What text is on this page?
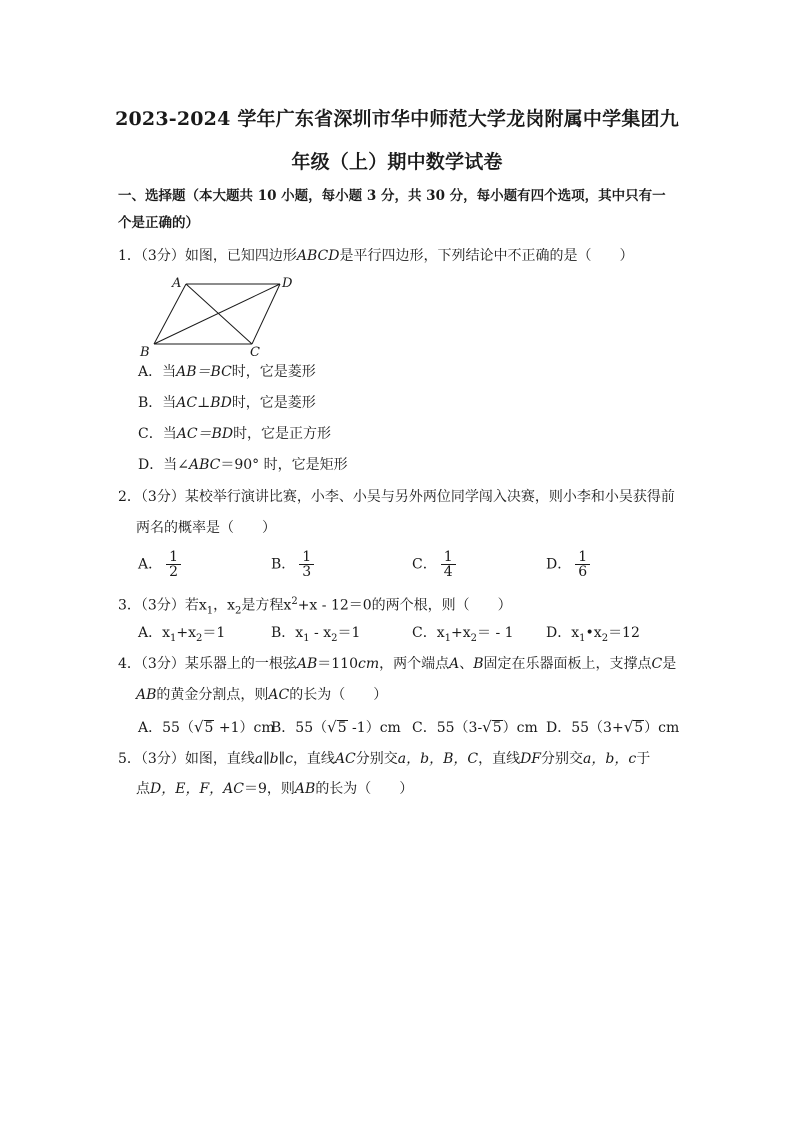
2023-2024 学年广东省深圳市华中师范大学龙岗附属中学集团九
年级（上）期中数学试卷
一、选择题（本大题共 10 小题，每小题 3 分，共 30 分，每小题有四个选项，其中只有一
个是正确的）
1．（3分）如图，已知四边形ABCD是平行四边形，下列结论中不正确的是（　　）
A	D
B	C
A．当AB＝BC时，它是菱形
B．当AC⊥BD时，它是菱形
C．当AC＝BD时，它是正方形
D．当∠ABC＝90° 时，它是矩形
2．（3分）某校举行演讲比赛，小李、小吴与另外两位同学闯入决赛，则小李和小吴获得前
两名的概率是（　　）
A． $\frac{1}{2}$	B． $\frac{1}{3}$	C． $\frac{1}{4}$	D． $\frac{1}{6}$
3．（3分）若$x_1$，$x_2$是方程$x^2+x - 12=0$的两个根，则（　　）
A．$x_1+x_2=1$	B．$x_1 - x_2=1$	C．$x_1+x_2= - 1$ D．$x_1•x_2=12$
4．（3分）某乐器上的一根弦AB＝110cm，两个端点A、B固定在乐器面板上，支撑点C是
AB的黄金分割点，则AC的长为（　　）
A．55（√5 +1）cm
B．55（√5 -1）cm C．55（3-√5）cm D．55（3+√5）cm
5．（3分）如图，直线a∥b∥c，直线AC分别交a，b，B，C，直线DF分别交a，b，c于
点D，E，F，AC＝9，则AB的长为（　　）
